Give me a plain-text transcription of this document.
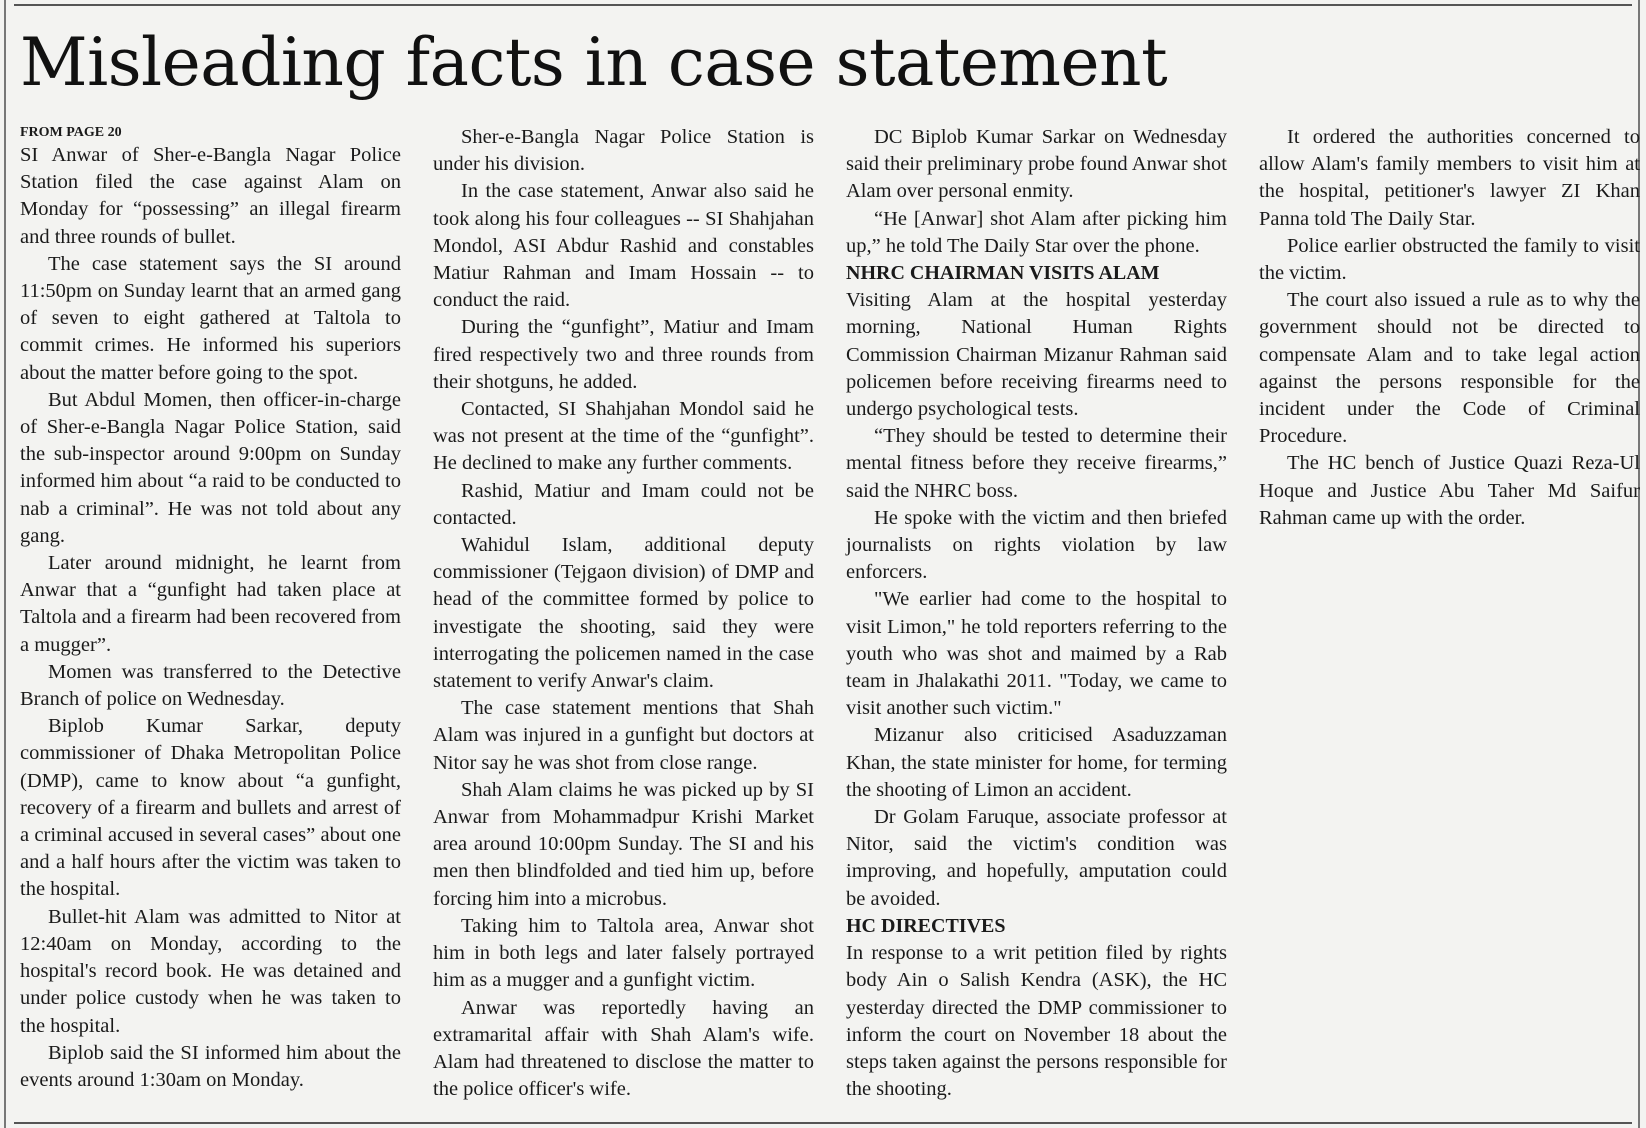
Misleading facts in case statement
FROM PAGE 20

SI Anwar of Sher-e-Bangla Nagar Police Station filed the case against Alam on Monday for “possessing” an illegal firearm and three rounds of bullet.

The case statement says the SI around 11:50pm on Sunday learnt that an armed gang of seven to eight gathered at Taltola to commit crimes. He informed his superiors about the matter before going to the spot.

But Abdul Momen, then officer-in-charge of Sher-e-Bangla Nagar Police Station, said the sub-inspector around 9:00pm on Sunday informed him about “a raid to be conducted to nab a criminal”. He was not told about any gang.

Later around midnight, he learnt from Anwar that a “gunfight had taken place at Taltola and a firearm had been recovered from a mugger”.

Momen was transferred to the Detective Branch of police on Wednesday.

Biplob Kumar Sarkar, deputy commissioner of Dhaka Metropolitan Police (DMP), came to know about “a gunfight, recovery of a firearm and bullets and arrest of a criminal accused in several cases” about one and a half hours after the victim was taken to the hospital.

Bullet-hit Alam was admitted to Nitor at 12:40am on Monday, according to the hospital's record book. He was detained and under police custody when he was taken to the hospital.

Biplob said the SI informed him about the events around 1:30am on Monday.

Sher-e-Bangla Nagar Police Station is under his division.

In the case statement, Anwar also said he took along his four colleagues -- SI Shahjahan Mondol, ASI Abdur Rashid and constables Matiur Rahman and Imam Hossain -- to conduct the raid.

During the “gunfight”, Matiur and Imam fired respectively two and three rounds from their shotguns, he added.

Contacted, SI Shahjahan Mondol said he was not present at the time of the “gunfight”. He declined to make any further comments.

Rashid, Matiur and Imam could not be contacted.

Wahidul Islam, additional deputy commissioner (Tejgaon division) of DMP and head of the committee formed by police to investigate the shooting, said they were interrogating the policemen named in the case statement to verify Anwar's claim.

The case statement mentions that Shah Alam was injured in a gunfight but doctors at Nitor say he was shot from close range.

Shah Alam claims he was picked up by SI Anwar from Mohammadpur Krishi Market area around 10:00pm Sunday. The SI and his men then blindfolded and tied him up, before forcing him into a microbus.

Taking him to Taltola area, Anwar shot him in both legs and later falsely portrayed him as a mugger and a gunfight victim.

Anwar was reportedly having an extramarital affair with Shah Alam's wife. Alam had threatened to disclose the matter to the police officer's wife.

DC Biplob Kumar Sarkar on Wednesday said their preliminary probe found Anwar shot Alam over personal enmity.

“He [Anwar] shot Alam after picking him up,” he told The Daily Star over the phone.

NHRC CHAIRMAN VISITS ALAM

Visiting Alam at the hospital yesterday morning, National Human Rights Commission Chairman Mizanur Rahman said policemen before receiving firearms need to undergo psychological tests.

“They should be tested to determine their mental fitness before they receive firearms,” said the NHRC boss.

He spoke with the victim and then briefed journalists on rights violation by law enforcers.

"We earlier had come to the hospital to visit Limon," he told reporters referring to the youth who was shot and maimed by a Rab team in Jhalakathi 2011. "Today, we came to visit another such victim."

Mizanur also criticised Asaduzzaman Khan, the state minister for home, for terming the shooting of Limon an accident.

Dr Golam Faruque, associate professor at Nitor, said the victim's condition was improving, and hopefully, amputation could be avoided.

HC DIRECTIVES

In response to a writ petition filed by rights body Ain o Salish Kendra (ASK), the HC yesterday directed the DMP commissioner to inform the court on November 18 about the steps taken against the persons responsible for the shooting.

It ordered the authorities concerned to allow Alam's family members to visit him at the hospital, petitioner's lawyer ZI Khan Panna told The Daily Star.

Police earlier obstructed the family to visit the victim.

The court also issued a rule as to why the government should not be directed to compensate Alam and to take legal action against the persons responsible for the incident under the Code of Criminal Procedure.

The HC bench of Justice Quazi Reza-Ul Hoque and Justice Abu Taher Md Saifur Rahman came up with the order.
